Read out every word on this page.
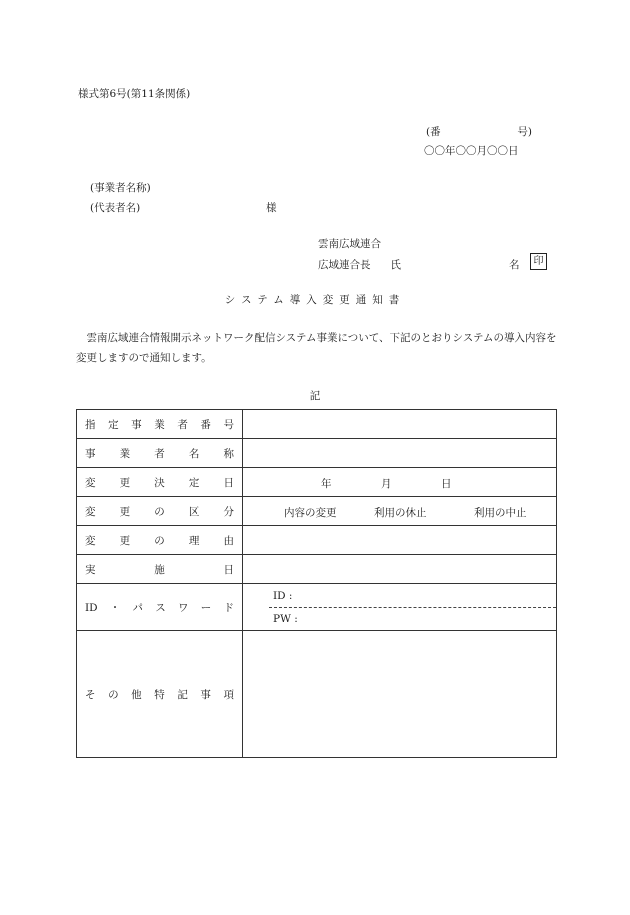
様式第6号(第11条関係)
(番	号)
〇〇年〇〇月〇〇日
(事業者名称)
(代表者名)	様
雲南広域連合
広域連合長 氏	名	印
システム導入変更通知書
雲南広域連合情報開示ネットワーク配信システム事業について、下記のとおりシステムの導入内容を変更しますので通知します。
記
指定事業者番号	

事業者名称	

変更決定日	年 月 日

変更の区分	内容の変更 利用の休止 利用の中止

変更の理由	

実施日	

ID・パスワード	ID :
PW :

その他特記事項	
